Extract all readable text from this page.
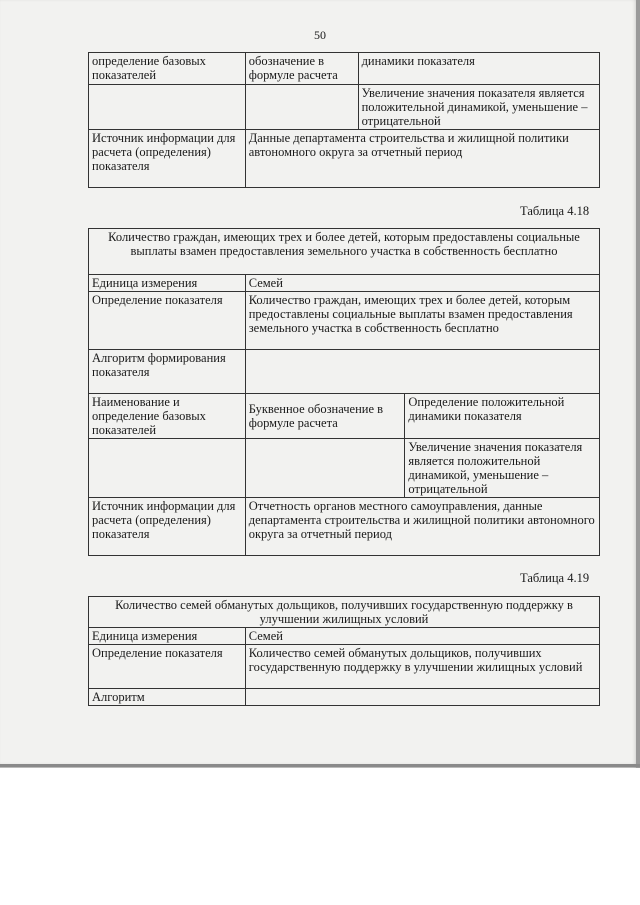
50
определение базовых показателей	обозначение в формуле расчета	динамики показателя
		Увеличение значения показателя является положительной динамикой, уменьшение – отрицательной
Источник информации для расчета (определения) показателя	Данные департамента строительства и жилищной политики автономного округа за отчетный период	
Таблица 4.18
Количество граждан, имеющих трех и более детей, которым предоставлены социальные выплаты взамен предоставления земельного участка в собственность бесплатно		
Единица измерения	Семей	
Определение показателя	Количество граждан, имеющих трех и более детей, которым предоставлены социальные выплаты взамен предоставления земельного участка в собственность бесплатно	
Алгоритм формирования показателя		
Наименование и определение базовых показателей	Буквенное обозначение в формуле расчета	Определение положительной динамики показателя
		Увеличение значения показателя является положительной динамикой, уменьшение – отрицательной
Источник информации для расчета (определения) показателя	Отчетность органов местного самоуправления, данные департамента строительства и жилищной политики автономного округа за отчетный период	
Таблица 4.19
Количество семей обманутых дольщиков, получивших государственную поддержку в улучшении жилищных условий	
Единица измерения	Семей
Определение показателя	Количество семей обманутых дольщиков, получивших государственную поддержку в улучшении жилищных условий
Алгоритм	
